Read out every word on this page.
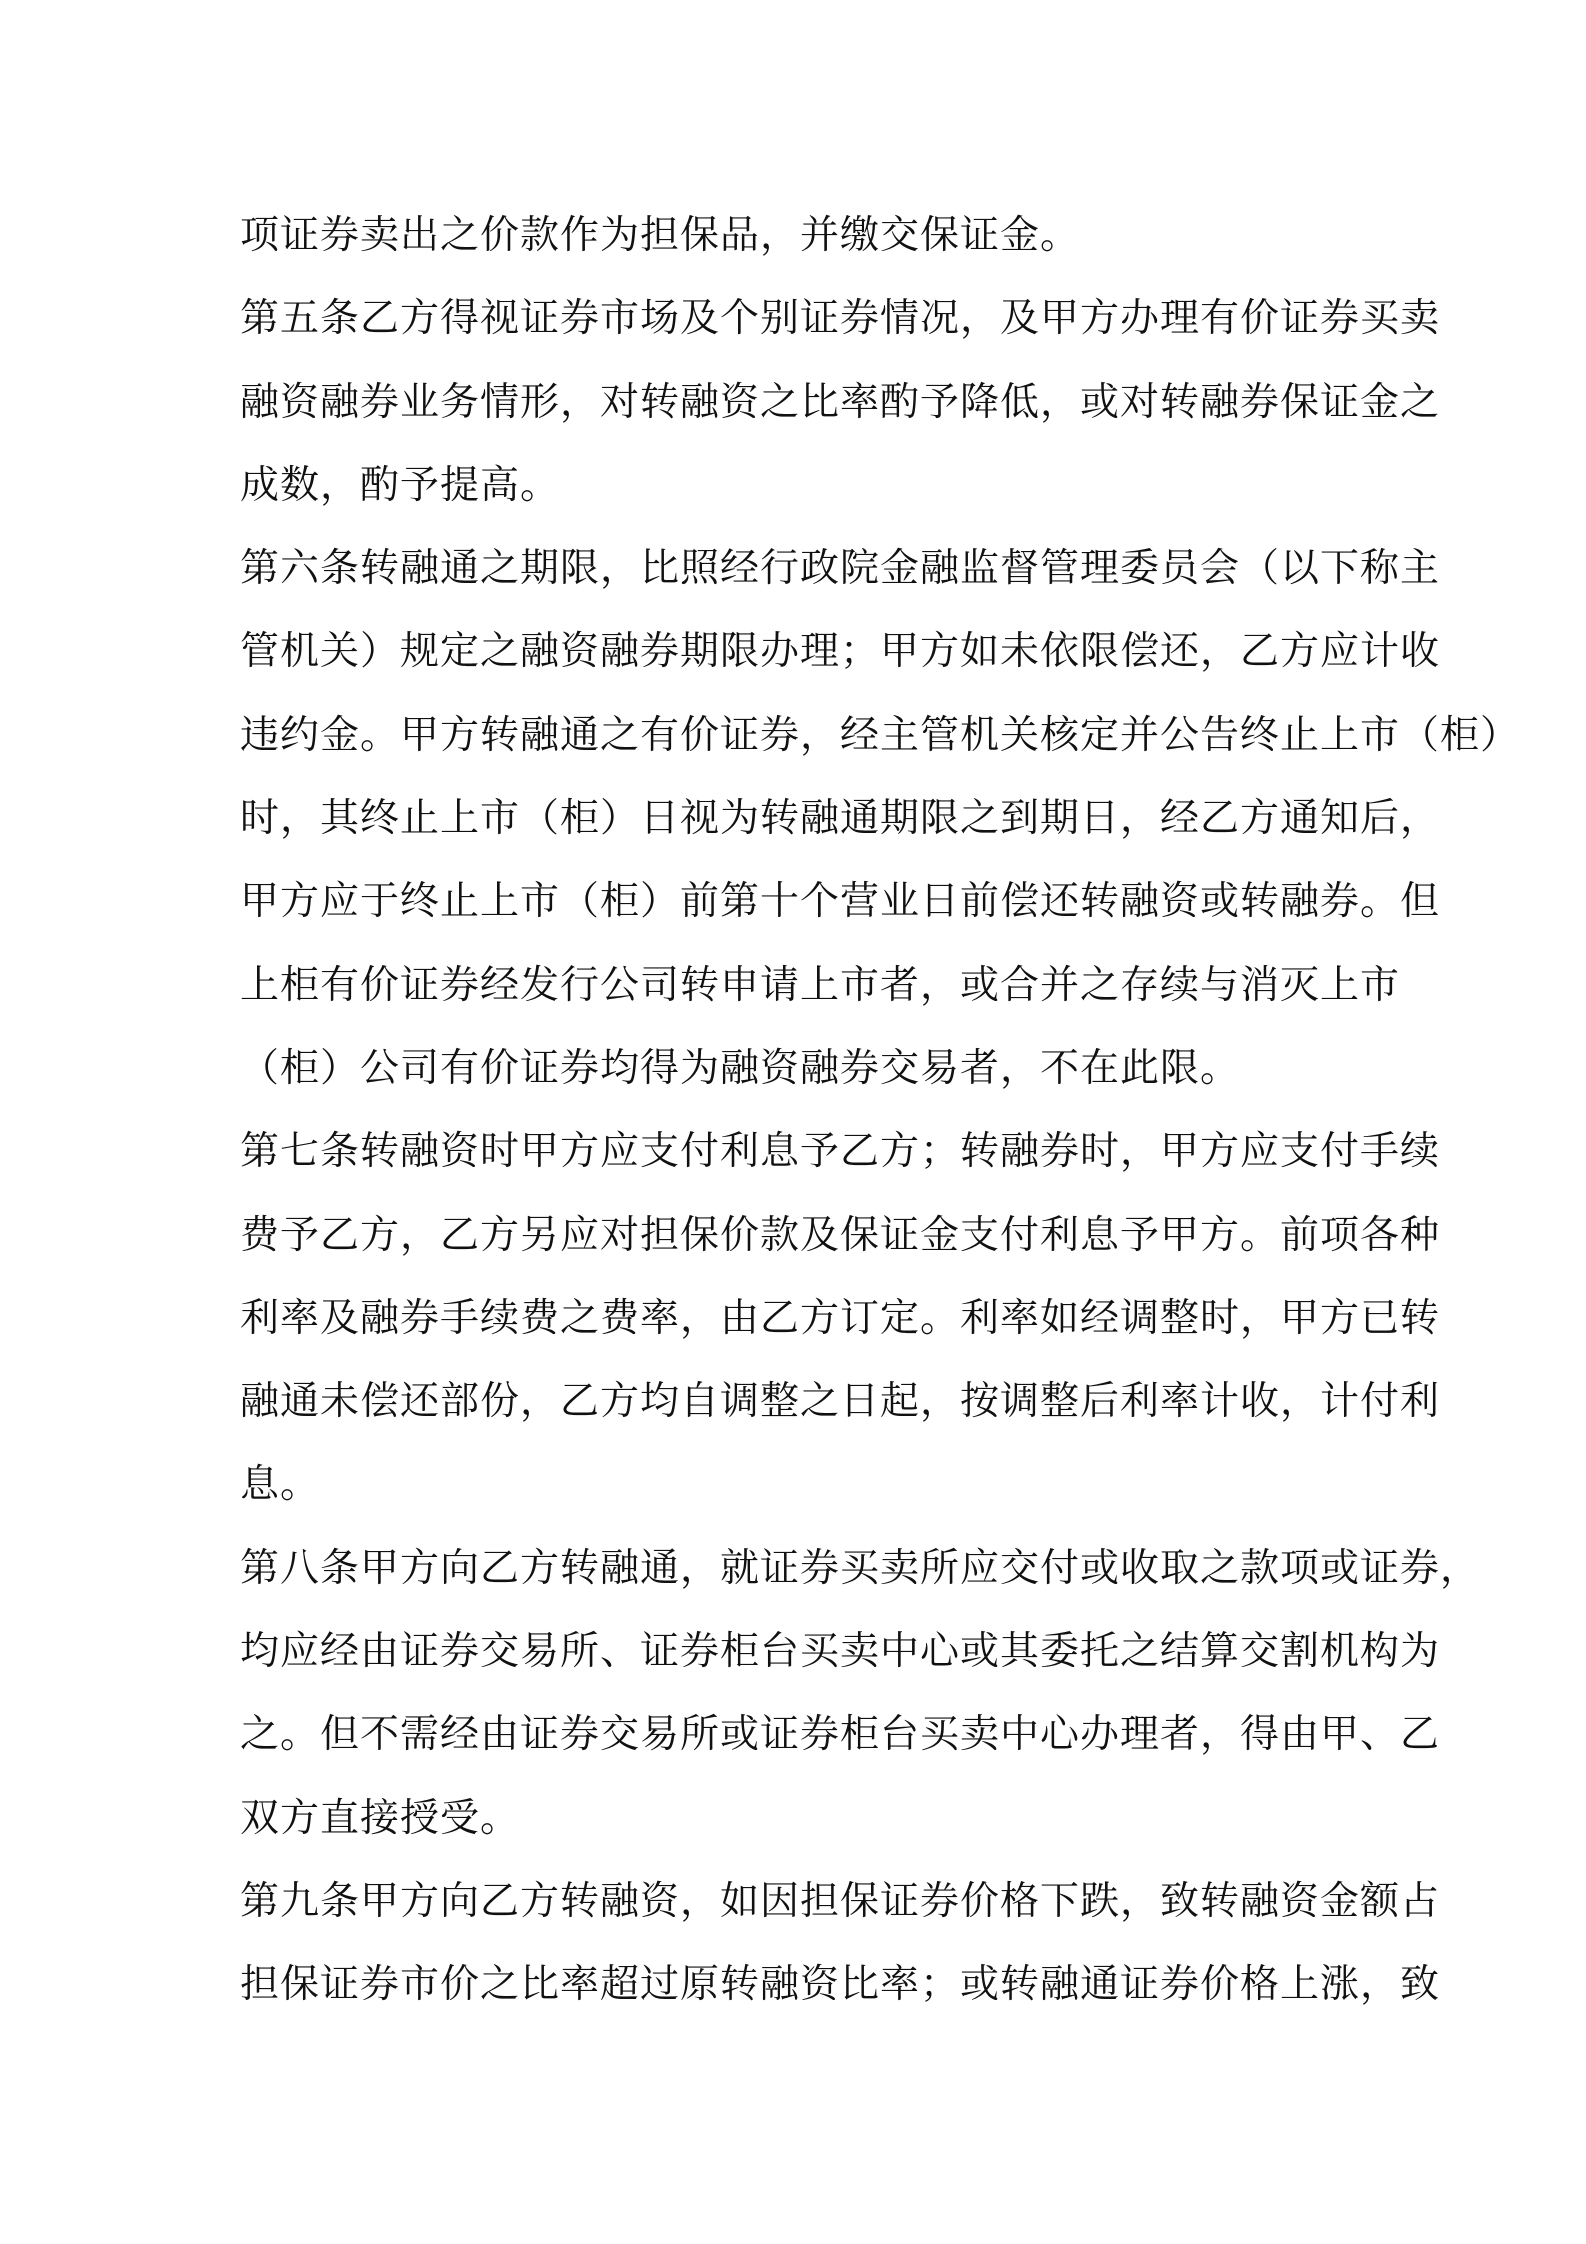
项证券卖出之价款作为担保品，并缴交保证金。
第五条乙方得视证券市场及个别证券情况，及甲方办理有价证券买卖
融资融券业务情形，对转融资之比率酌予降低，或对转融券保证金之
成数，酌予提高。
第六条转融通之期限，比照经行政院金融监督管理委员会（以下称主
管机关）规定之融资融券期限办理；甲方如未依限偿还，乙方应计收
违约金。甲方转融通之有价证券，经主管机关核定并公告终止上市（柜）
时，其终止上市（柜）日视为转融通期限之到期日，经乙方通知后，
甲方应于终止上市（柜）前第十个营业日前偿还转融资或转融券。但
上柜有价证券经发行公司转申请上市者，或合并之存续与消灭上市
（柜）公司有价证券均得为融资融券交易者，不在此限。
第七条转融资时甲方应支付利息予乙方；转融券时，甲方应支付手续
费予乙方，乙方另应对担保价款及保证金支付利息予甲方。前项各种
利率及融券手续费之费率，由乙方订定。利率如经调整时，甲方已转
融通未偿还部份，乙方均自调整之日起，按调整后利率计收，计付利
息。
第八条甲方向乙方转融通，就证券买卖所应交付或收取之款项或证券，
均应经由证券交易所、证券柜台买卖中心或其委托之结算交割机构为
之。但不需经由证券交易所或证券柜台买卖中心办理者，得由甲、乙
双方直接授受。
第九条甲方向乙方转融资，如因担保证券价格下跌，致转融资金额占
担保证券市价之比率超过原转融资比率；或转融通证券价格上涨，致
